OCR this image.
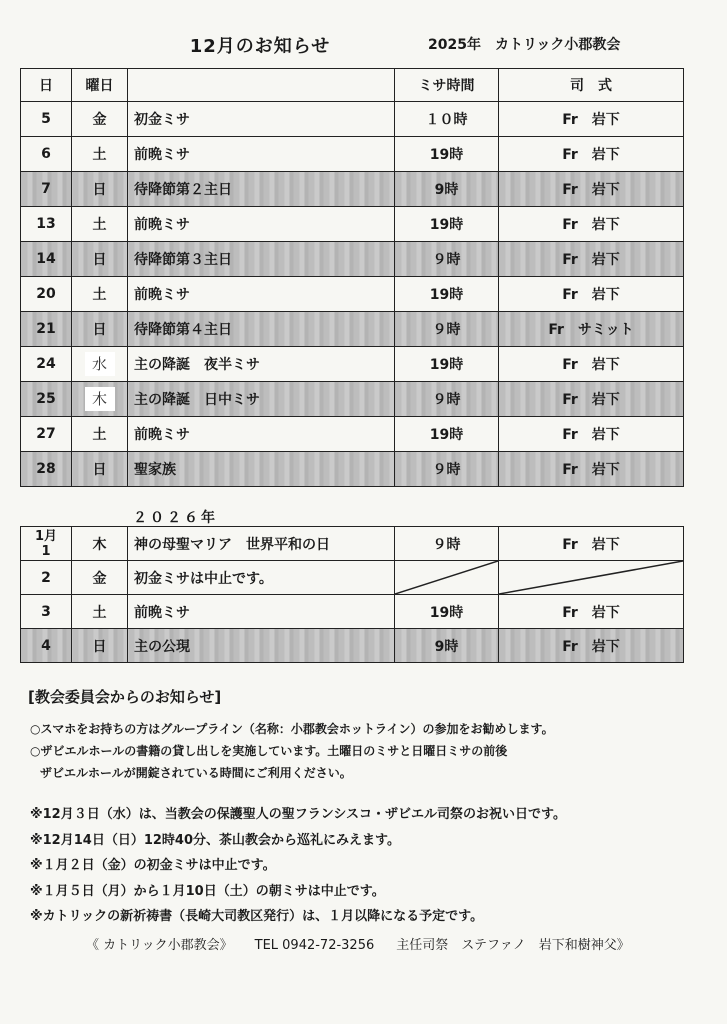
12月のお知らせ	2025年 カトリック小郡教会
日	曜日		ミサ時間	司　式
5	金	初金ミサ	１０時	Fr　岩下
6	土	前晩ミサ	19時	Fr　岩下
7	日	待降節第２主日	9時	Fr　岩下
13	土	前晩ミサ	19時	Fr　岩下
14	日	待降節第３主日	９時	Fr　岩下
20	土	前晩ミサ	19時	Fr　岩下
21	日	待降節第４主日	９時	Fr　サミット
24	水	主の降誕　夜半ミサ	19時	Fr　岩下
25	木	主の降誕　日中ミサ	９時	Fr　岩下
27	土	前晩ミサ	19時	Fr　岩下
28	日	聖家族	９時	Fr　岩下
２０２６年
1月
1	木	神の母聖マリア　世界平和の日	９時	Fr　岩下
2	金	初金ミサは中止です。	

3	土	前晩ミサ	19時	Fr　岩下
4	日	主の公現	9時	Fr　岩下
[教会委員会からのお知らせ]
○スマホをお持ちの方はグループライン（名称：小郡教会ホットライン）の参加をお勧めします。
○ザビエルホールの書籍の貸し出しを実施しています。土曜日のミサと日曜日ミサの前後
ザビエルホールが開錠されている時間にご利用ください。
※12月３日（水）は、当教会の保護聖人の聖フランシスコ・ザビエル司祭のお祝い日です。
※12月14日（日）12時40分、茶山教会から巡礼にみえます。
※１月２日（金）の初金ミサは中止です。
※１月５日（月）から１月10日（土）の朝ミサは中止です。
※カトリックの新祈祷書（長崎大司教区発行）は、１月以降になる予定です。
《 カトリック小郡教会》 TEL 0942-72-3256 主任司祭　ステファノ　岩下和樹神父》
